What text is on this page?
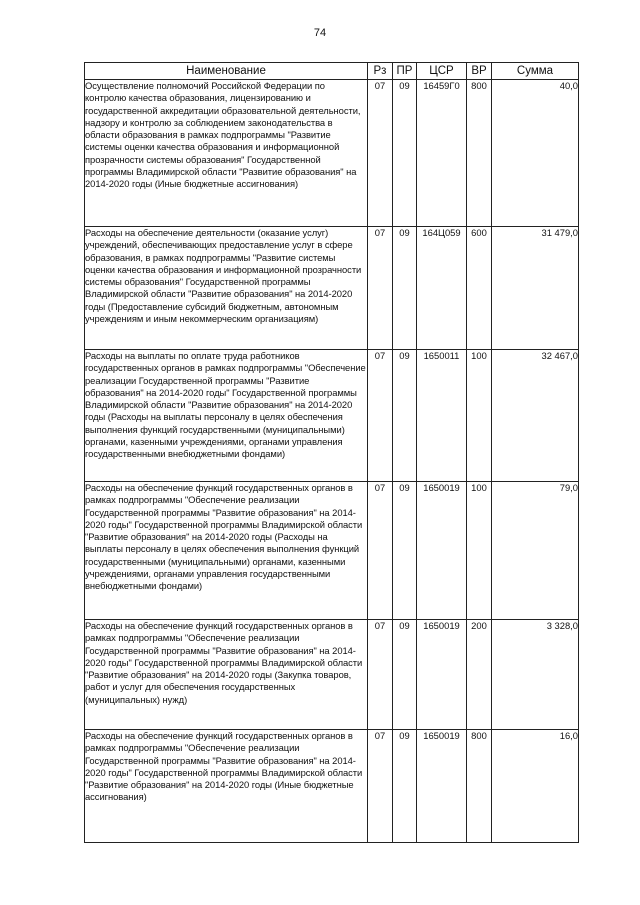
74
Наименование	Рз	ПР	ЦСР	ВР	Сумма
Осуществление полномочий Российской Федерации по контролю качества образования, лицензированию и государственной аккредитации образовательной деятельности, надзору и контролю за соблюдением законодательства в области образования в рамках подпрограммы "Развитие системы оценки качества образования и информационной прозрачности системы образования" Государственной программы Владимирской области "Развитие образования" на 2014-2020 годы (Иные бюджетные ассигнования)	07	09	16459Г0	800	40,0
Расходы на обеспечение деятельности (оказание услуг) учреждений, обеспечивающих предоставление услуг в сфере образования, в рамках подпрограммы "Развитие системы оценки качества образования и информационной прозрачности системы образования" Государственной программы Владимирской области "Развитие образования" на 2014-2020 годы (Предоставление субсидий бюджетным, автономным учреждениям и иным некоммерческим организациям)	07	09	164Ц059	600	31 479,0
Расходы на выплаты по оплате труда работников государственных органов в рамках подпрограммы "Обеспечение реализации Государственной программы "Развитие образования" на 2014-2020 годы" Государственной программы Владимирской области "Развитие образования" на 2014-2020 годы (Расходы на выплаты персоналу в целях обеспечения выполнения функций государственными (муниципальными) органами, казенными учреждениями, органами управления государственными внебюджетными фондами)	07	09	1650011	100	32 467,0
Расходы на обеспечение функций государственных органов в рамках подпрограммы "Обеспечение реализации Государственной программы "Развитие образования" на 2014-2020 годы" Государственной программы Владимирской области "Развитие образования" на 2014-2020 годы (Расходы на выплаты персоналу в целях обеспечения выполнения функций государственными (муниципальными) органами, казенными учреждениями, органами управления государственными внебюджетными фондами)	07	09	1650019	100	79,0
Расходы на обеспечение функций государственных органов в рамках подпрограммы "Обеспечение реализации Государственной программы "Развитие образования" на 2014-2020 годы" Государственной программы Владимирской области "Развитие образования" на 2014-2020 годы (Закупка товаров, работ и услуг для обеспечения государственных (муниципальных) нужд)	07	09	1650019	200	3 328,0
Расходы на обеспечение функций государственных органов в рамках подпрограммы "Обеспечение реализации Государственной программы "Развитие образования" на 2014-2020 годы" Государственной программы Владимирской области "Развитие образования" на 2014-2020 годы (Иные бюджетные ассигнования)	07	09	1650019	800	16,0
